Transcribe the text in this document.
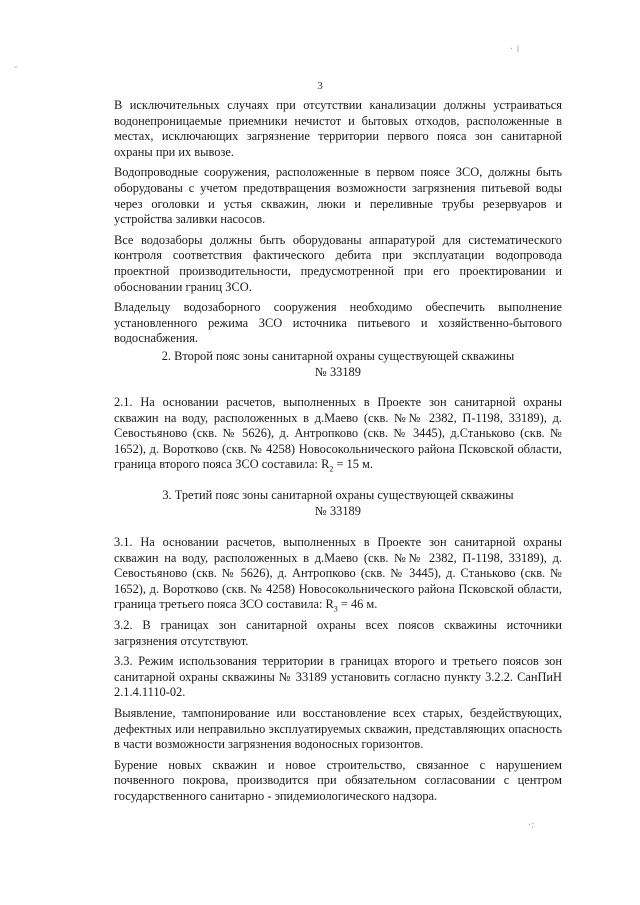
· ⁞
-
·:
3

В исключительных случаях при отсутствии канализации должны устраиваться водонепроницаемые приемники нечистот и бытовых отходов, расположенные в местах, исключающих загрязнение территории первого пояса зон санитарной охраны при их вывозе.

Водопроводные сооружения, расположенные в первом поясе ЗСО, должны быть оборудованы с учетом предотвращения возможности загрязнения питьевой воды через оголовки и устья скважин, люки и переливные трубы резервуаров и устройства заливки насосов.

Все водозаборы должны быть оборудованы аппаратурой для систематического контроля соответствия фактического дебита при эксплуатации водопровода проектной производительности, предусмотренной при его проектировании и обосновании границ ЗСО.

Владельцу водозаборного сооружения необходимо обеспечить выполнение установленного режима ЗСО источника питьевого и хозяйственно-бытового водоснабжения.

2. Второй пояс зоны санитарной охраны существующей скважины
№ 33189

2.1. На основании расчетов, выполненных в Проекте зон санитарной охраны скважин на воду, расположенных в д.Маево (скв. №№ 2382, П-1198, 33189), д. Севостьяново (скв. № 5626), д. Антропково (скв. № 3445), д.Станьково (скв. № 1652), д. Воротково (скв. № 4258) Новосокольнического района Псковской области, граница второго пояса ЗСО составила: $R_2 = 15$ м.

3. Третий пояс зоны санитарной охраны существующей скважины
№ 33189

3.1. На основании расчетов, выполненных в Проекте зон санитарной охраны скважин на воду, расположенных в д.Маево (скв. №№ 2382, П-1198, 33189), д. Севостьяново (скв. № 5626), д. Антропково (скв. № 3445), д. Станьково (скв. № 1652), д. Воротково (скв. № 4258) Новосокольнического района Псковской области, граница третьего пояса ЗСО составила: $R_3 = 46$ м.

3.2. В границах зон санитарной охраны всех поясов скважины источники загрязнения отсутствуют.

3.3. Режим использования территории в границах второго и третьего поясов зон санитарной охраны скважины № 33189 установить согласно пункту 3.2.2. СанПиН 2.1.4.1110-02.

Выявление, тампонирование или восстановление всех старых, бездействующих, дефектных или неправильно эксплуатируемых скважин, представляющих опасность в части возможности загрязнения водоносных горизонтов.

Бурение новых скважин и новое строительство, связанное с нарушением почвенного покрова, производится при обязательном согласовании с центром государственного санитарно - эпидемиологического надзора.
